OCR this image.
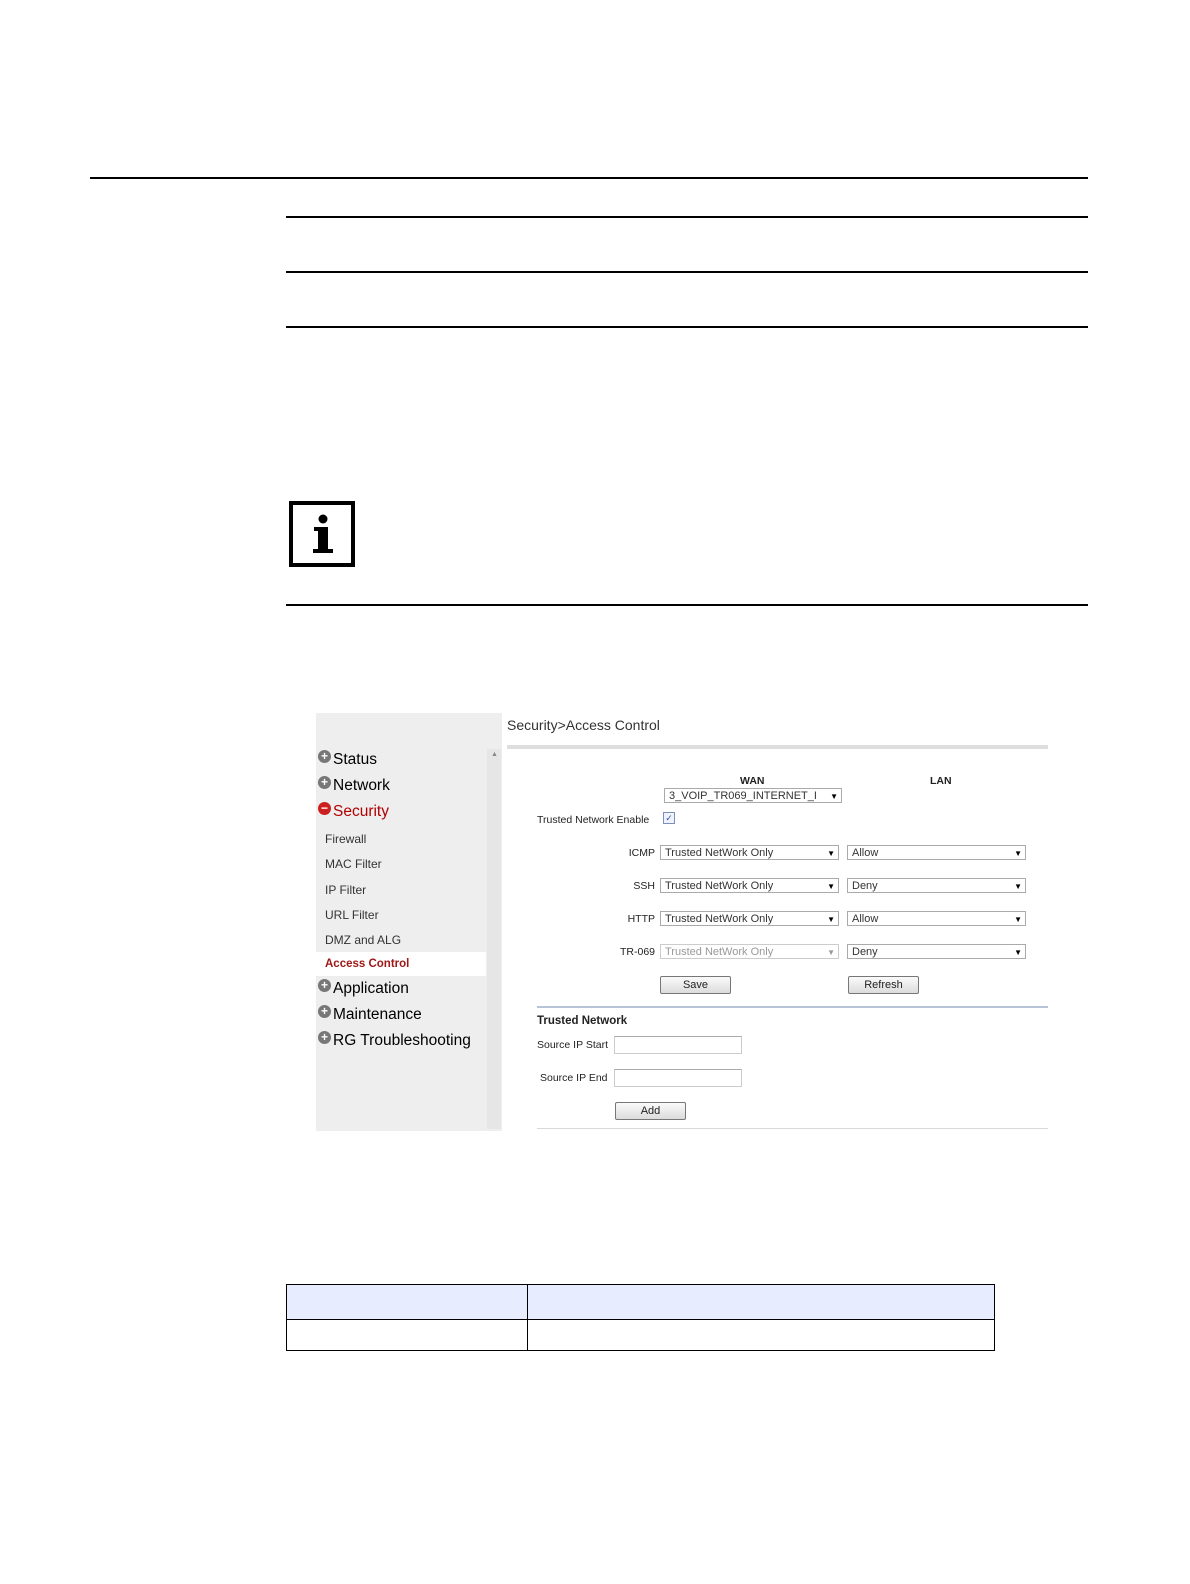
▲
+ Status
+ Network
− Security
Firewall
MAC Filter
IP Filter
URL Filter
DMZ and ALG
Access Control
+ Application
+ Maintenance
+ RG Troubleshooting
Security>Access Control
WAN	LAN
3_VOIP_TR069_INTERNET_I ▼
Trusted Network Enable ✓
ICMP Trusted NetWork Only	▼	Allow	▼
SSH Trusted NetWork Only	▼	Deny	▼
HTTP Trusted NetWork Only	▼	Allow	▼
TR-069 Trusted NetWork Only	▼	Deny	▼
Save	Refresh
Trusted Network
Source IP Start
Source IP End
Add
